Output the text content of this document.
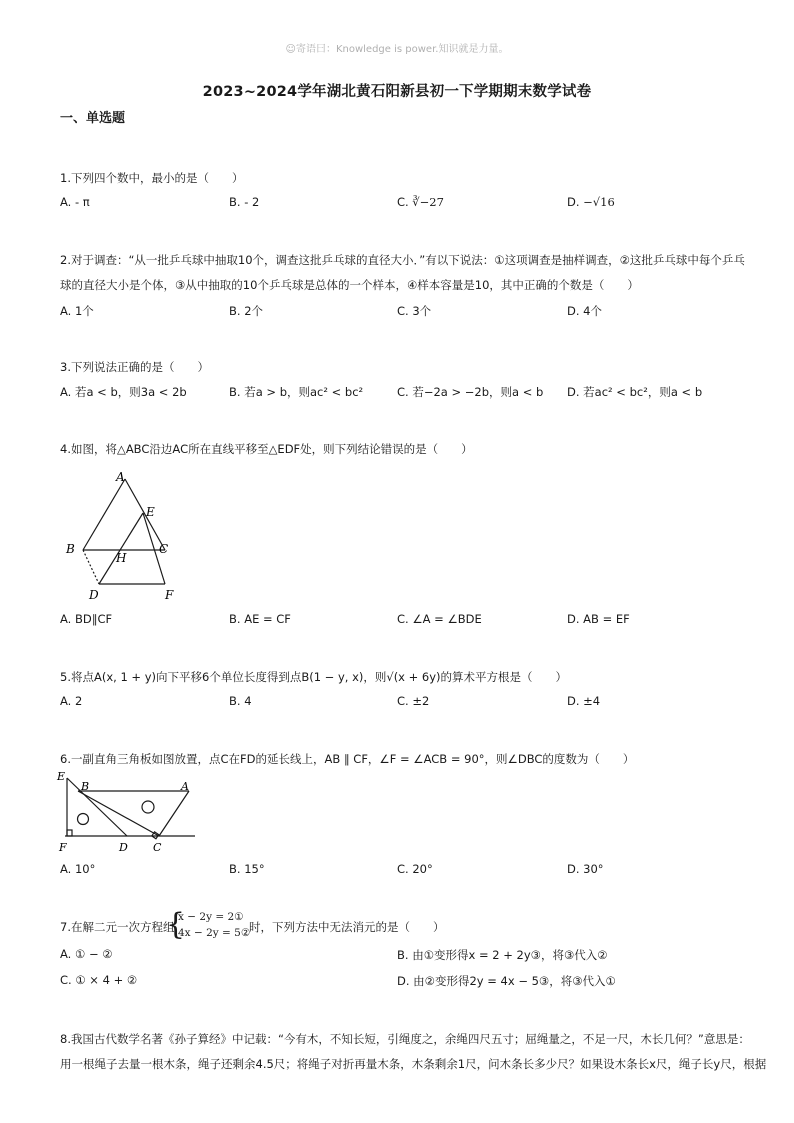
☺寄语曰：Knowledge is power.知识就是力量。
2023~2024学年湖北黄石阳新县初一下学期期末数学试卷
一、单选题
1.下列四个数中，最小的是（　　）
A. - π	B. - 2	C. ∛−27	D. −√16
2.对于调查：“从一批乒乓球中抽取10个，调查这批乒乓球的直径大小．”有以下说法：①这项调查是抽样调查，②这批乒乓球中每个乒乓
球的直径大小是个体，③从中抽取的10个乒乓球是总体的一个样本，④样本容量是10，其中正确的个数是（　　）
A. 1个	B. 2个	C. 3个	D. 4个
3.下列说法正确的是（　　）
A. 若a < b，则3a < 2b	B. 若a > b，则ac² < bc²	C. 若−2a > −2b，则a < b D. 若ac² < bc²，则a < b
4.如图，将△ABC沿边AC所在直线平移至△EDF处，则下列结论错误的是（　　）
A
E
B	C
H
D	F
A. BD∥CF	B. AE = CF	C. ∠A = ∠BDE	D. AB = EF
5.将点A(x, 1 + y)向下平移6个单位长度得到点B(1 − y, x)，则√(x + 6y)的算术平方根是（　　）
A. 2	B. 4	C. ±2	D. ±4
6.一副直角三角板如图放置，点C在FD的延长线上，AB ∥ CF，∠F = ∠ACB = 90°，则∠DBC的度数为（　　）
E
B	A
F	D C
A. 10°	B. 15°	C. 20°	D. 30°
7.在解二元一次方程组
{
x − 2y = 2①
4x − 2y = 5②
时，下列方法中无法消元的是（　　）
A. ① − ②	B. 由①变形得x = 2 + 2y③，将③代入②
C. ① × 4 + ②	D. 由②变形得2y = 4x − 5③，将③代入①
8.我国古代数学名著《孙子算经》中记载：“今有木，不知长短，引绳度之，余绳四尺五寸；屈绳量之，不足一尺，木长几何？”意思是：
用一根绳子去量一根木条，绳子还剩余4.5尺；将绳子对折再量木条，木条剩余1尺，问木条长多少尺？如果设木条长x尺，绳子长y尺，根据
